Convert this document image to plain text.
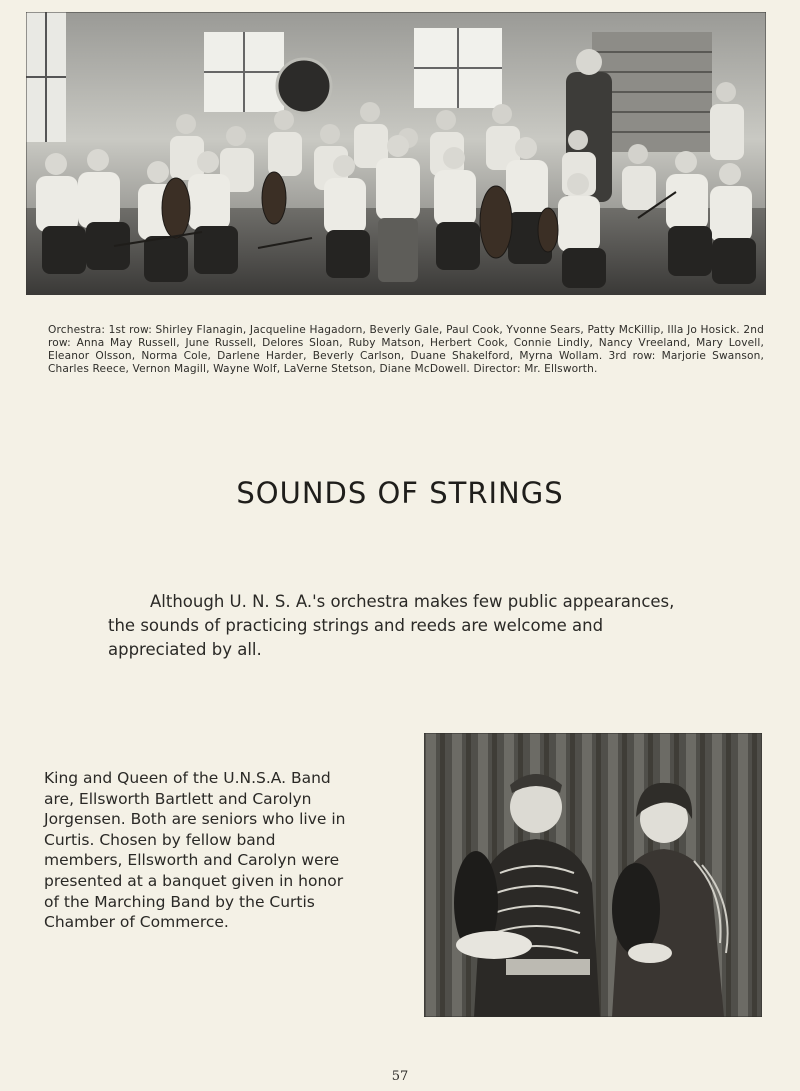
Orchestra: 1st row: Shirley Flanagin, Jacqueline Hagadorn, Beverly Gale, Paul Cook, Yvonne Sears, Patty McKillip, Illa Jo Hosick. 2nd row: Anna May Russell, June Russell, Delores Sloan, Ruby Matson, Herbert Cook, Connie Lindly, Nancy Vreeland, Mary Lovell, Eleanor Olsson, Norma Cole, Darlene Harder, Beverly Carlson, Duane Shakelford, Myrna Wollam. 3rd row: Marjorie Swanson, Charles Reece, Vernon Magill, Wayne Wolf, LaVerne Stetson, Diane McDowell. Director: Mr. Ellsworth.

SOUNDS OF STRINGS

Although U. N. S. A.'s orchestra makes few public appearances, the sounds of practicing strings and reeds are welcome and appreciated by all.

King and Queen of the U.N.S.A. Band are, Ellsworth Bartlett and Carolyn Jorgensen. Both are seniors who live in Curtis. Chosen by fellow band members, Ellsworth and Carolyn were presented at a banquet given in honor of the Marching Band by the Curtis Chamber of Commerce.

57
